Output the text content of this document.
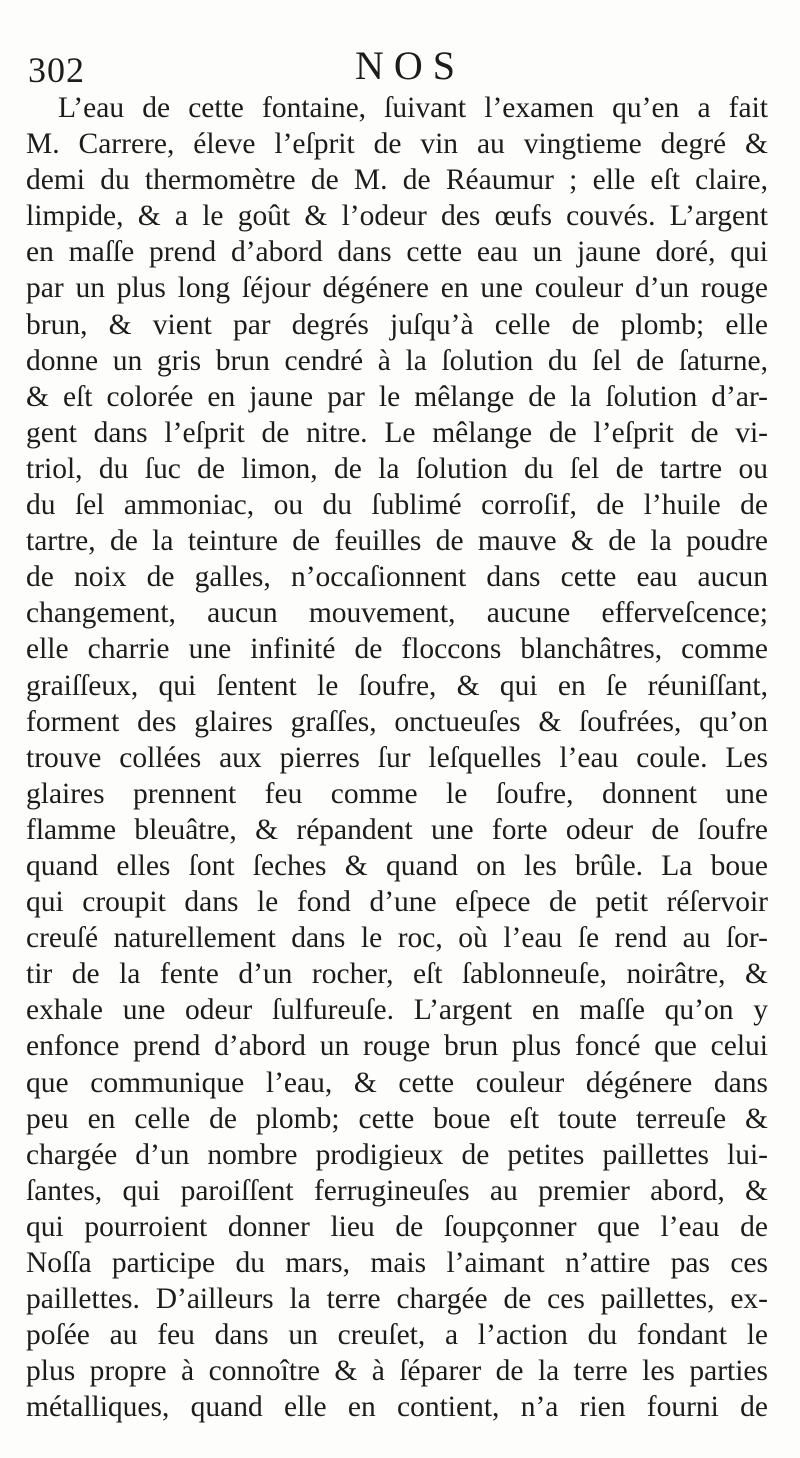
302	NOS
L’eau de cette fontaine, ſuivant l’examen qu’en a fait
M. Carrere, éleve l’eſprit de vin au vingtieme degré &
demi du thermomètre de M. de Réaumur ; elle eſt claire,
limpide, & a le goût & l’odeur des œufs couvés. L’argent
en maſſe prend d’abord dans cette eau un jaune doré, qui
par un plus long ſéjour dégénere en une couleur d’un rouge
brun, & vient par degrés juſqu’à celle de plomb; elle
donne un gris brun cendré à la ſolution du ſel de ſaturne,
& eſt colorée en jaune par le mêlange de la ſolution d’ar-
gent dans l’eſprit de nitre. Le mêlange de l’eſprit de vi-
triol, du ſuc de limon, de la ſolution du ſel de tartre ou
du ſel ammoniac, ou du ſublimé corroſif, de l’huile de
tartre, de la teinture de feuilles de mauve & de la poudre
de noix de galles, n’occaſionnent dans cette eau aucun
changement, aucun mouvement, aucune efferveſcence;
elle charrie une infinité de floccons blanchâtres, comme
graiſſeux, qui ſentent le ſoufre, & qui en ſe réuniſſant,
forment des glaires graſſes, onctueuſes & ſoufrées, qu’on
trouve collées aux pierres ſur leſquelles l’eau coule. Les
glaires prennent feu comme le ſoufre, donnent une
flamme bleuâtre, & répandent une forte odeur de ſoufre
quand elles ſont ſeches & quand on les brûle. La boue
qui croupit dans le fond d’une eſpece de petit réſervoir
creuſé naturellement dans le roc, où l’eau ſe rend au ſor-
tir de la fente d’un rocher, eſt ſablonneuſe, noirâtre, &
exhale une odeur ſulfureuſe. L’argent en maſſe qu’on y
enfonce prend d’abord un rouge brun plus foncé que celui
que communique l’eau, & cette couleur dégénere dans
peu en celle de plomb; cette boue eſt toute terreuſe &
chargée d’un nombre prodigieux de petites paillettes lui-
ſantes, qui paroiſſent ferrugineuſes au premier abord, &
qui pourroient donner lieu de ſoupçonner que l’eau de
Noſſa participe du mars, mais l’aimant n’attire pas ces
paillettes. D’ailleurs la terre chargée de ces paillettes, ex-
poſée au feu dans un creuſet, a l’action du fondant le
plus propre à connoître & à ſéparer de la terre les parties
métalliques, quand elle en contient, n’a rien fourni de
